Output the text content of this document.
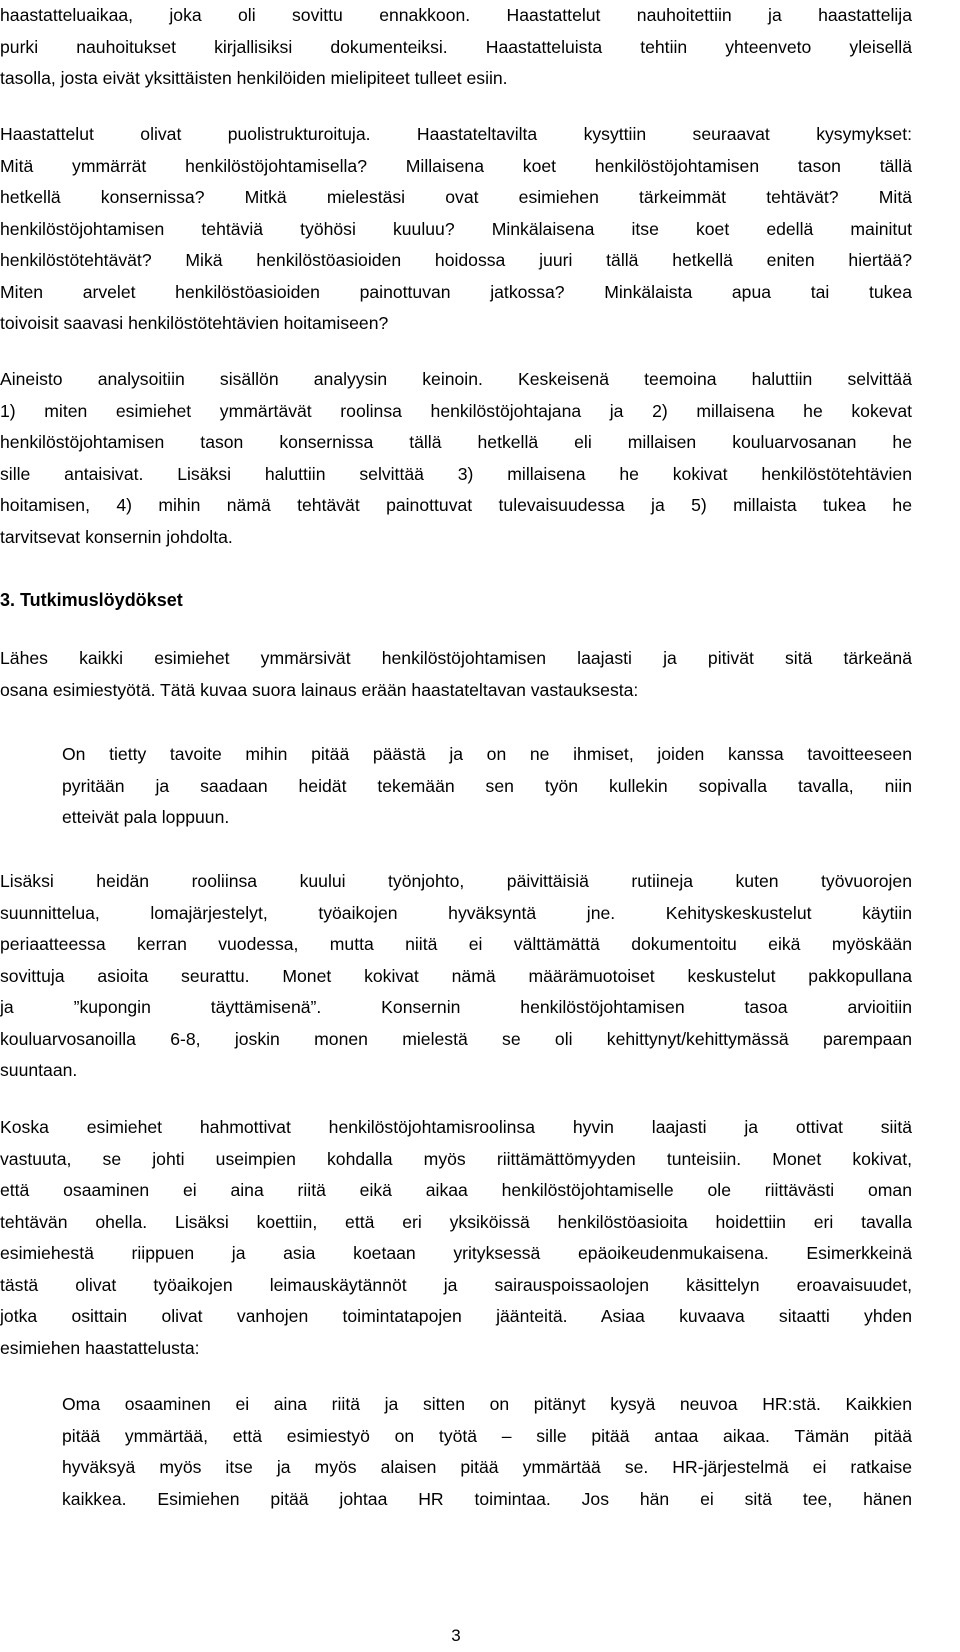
haastatteluaikaa, joka oli sovittu ennakkoon. Haastattelut nauhoitettiin ja haastattelija
purki nauhoitukset kirjallisiksi dokumenteiksi. Haastatteluista tehtiin yhteenveto yleisellä
tasolla, josta eivät yksittäisten henkilöiden mielipiteet tulleet esiin.
Haastattelut olivat puolistrukturoituja. Haastateltavilta kysyttiin seuraavat kysymykset:
Mitä ymmärrät henkilöstöjohtamisella? Millaisena koet henkilöstöjohtamisen tason tällä
hetkellä konsernissa? Mitkä mielestäsi ovat esimiehen tärkeimmät tehtävät? Mitä
henkilöstöjohtamisen tehtäviä työhösi kuuluu? Minkälaisena itse koet edellä mainitut
henkilöstötehtävät? Mikä henkilöstöasioiden hoidossa juuri tällä hetkellä eniten hiertää?
Miten arvelet henkilöstöasioiden painottuvan jatkossa? Minkälaista apua tai tukea
toivoisit saavasi henkilöstötehtävien hoitamiseen?
Aineisto analysoitiin sisällön analyysin keinoin. Keskeisenä teemoina haluttiin selvittää
1) miten esimiehet ymmärtävät roolinsa henkilöstöjohtajana ja 2) millaisena he kokevat
henkilöstöjohtamisen tason konsernissa tällä hetkellä eli millaisen kouluarvosanan he
sille antaisivat. Lisäksi haluttiin selvittää 3) millaisena he kokivat henkilöstötehtävien
hoitamisen, 4) mihin nämä tehtävät painottuvat tulevaisuudessa ja 5) millaista tukea he
tarvitsevat konsernin johdolta.
3. Tutkimuslöydökset
Lähes kaikki esimiehet ymmärsivät henkilöstöjohtamisen laajasti ja pitivät sitä tärkeänä
osana esimiestyötä. Tätä kuvaa suora lainaus erään haastateltavan vastauksesta:
On tietty tavoite mihin pitää päästä ja on ne ihmiset, joiden kanssa tavoitteeseen
pyritään ja saadaan heidät tekemään sen työn kullekin sopivalla tavalla, niin
etteivät pala loppuun.
Lisäksi heidän rooliinsa kuului työnjohto, päivittäisiä rutiineja kuten työvuorojen
suunnittelua, lomajärjestelyt, työaikojen hyväksyntä jne. Kehityskeskustelut käytiin
periaatteessa kerran vuodessa, mutta niitä ei välttämättä dokumentoitu eikä myöskään
sovittuja asioita seurattu. Monet kokivat nämä määrämuotoiset keskustelut pakkopullana
ja ”kupongin täyttämisenä”. Konsernin henkilöstöjohtamisen tasoa arvioitiin
kouluarvosanoilla 6-8, joskin monen mielestä se oli kehittynyt/kehittymässä parempaan
suuntaan.
Koska esimiehet hahmottivat henkilöstöjohtamisroolinsa hyvin laajasti ja ottivat siitä
vastuuta, se johti useimpien kohdalla myös riittämättömyyden tunteisiin. Monet kokivat,
että osaaminen ei aina riitä eikä aikaa henkilöstöjohtamiselle ole riittävästi oman
tehtävän ohella. Lisäksi koettiin, että eri yksiköissä henkilöstöasioita hoidettiin eri tavalla
esimiehestä riippuen ja asia koetaan yrityksessä epäoikeudenmukaisena. Esimerkkeinä
tästä olivat työaikojen leimauskäytännöt ja sairauspoissaolojen käsittelyn eroavaisuudet,
jotka osittain olivat vanhojen toimintatapojen jäänteitä. Asiaa kuvaava sitaatti yhden
esimiehen haastattelusta:
Oma osaaminen ei aina riitä ja sitten on pitänyt kysyä neuvoa HR:stä. Kaikkien
pitää ymmärtää, että esimiestyö on työtä – sille pitää antaa aikaa. Tämän pitää
hyväksyä myös itse ja myös alaisen pitää ymmärtää se. HR-järjestelmä ei ratkaise
kaikkea. Esimiehen pitää johtaa HR toimintaa. Jos hän ei sitä tee, hänen
3
